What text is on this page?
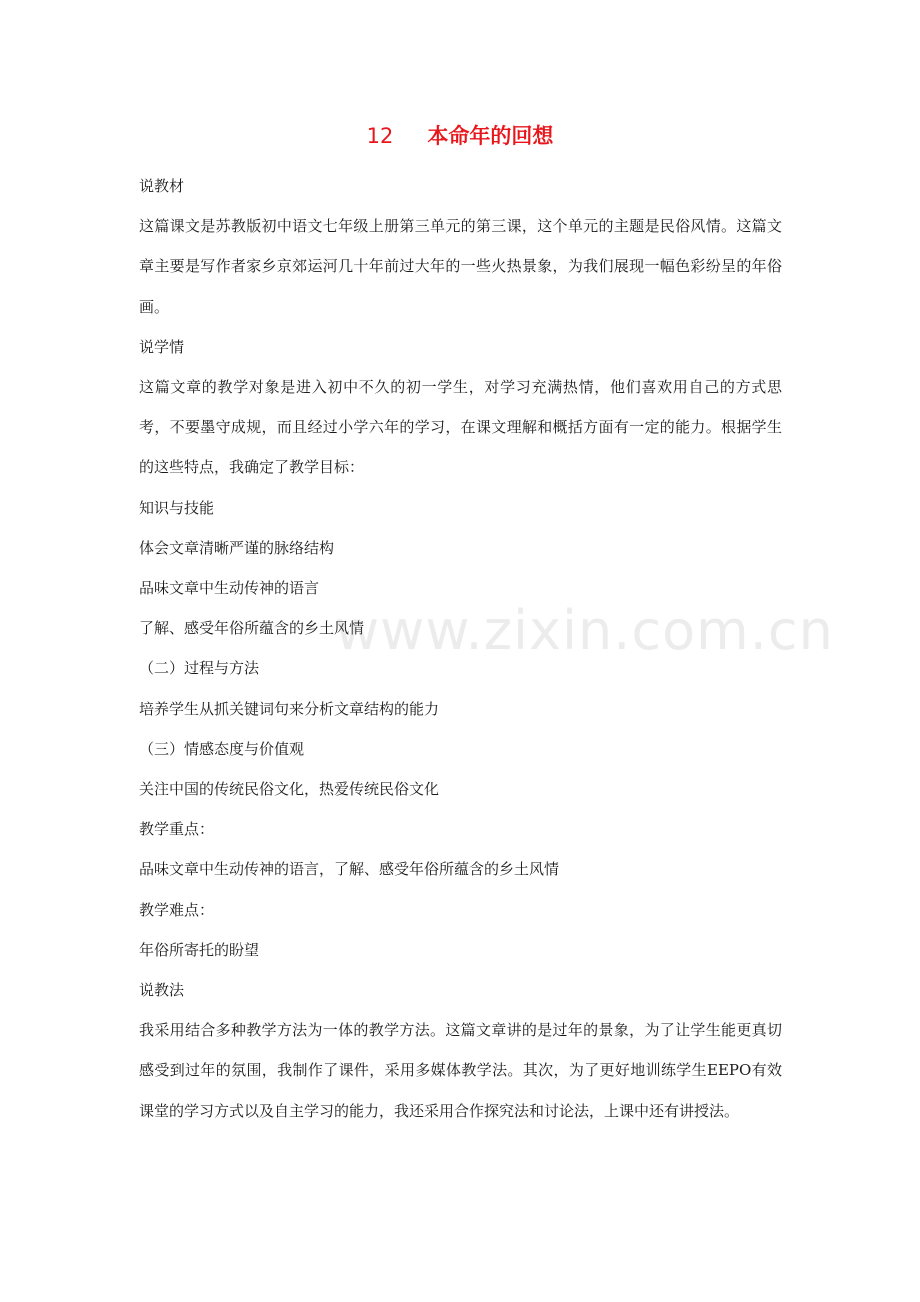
12 本命年的回想

说教材

这篇课文是苏教版初中语文七年级上册第三单元的第三课，这个单元的主题是民俗风情。这篇文章主要是写作者家乡京郊运河几十年前过大年的一些火热景象，为我们展现一幅色彩纷呈的年俗画。

说学情

这篇文章的教学对象是进入初中不久的初一学生，对学习充满热情，他们喜欢用自己的方式思考，不要墨守成规，而且经过小学六年的学习，在课文理解和概括方面有一定的能力。根据学生的这些特点，我确定了教学目标：

知识与技能

体会文章清晰严谨的脉络结构

品味文章中生动传神的语言

了解、感受年俗所蕴含的乡土风情

（二）过程与方法

培养学生从抓关键词句来分析文章结构的能力

（三）情感态度与价值观

关注中国的传统民俗文化，热爱传统民俗文化

教学重点：

品味文章中生动传神的语言，了解、感受年俗所蕴含的乡土风情

教学难点：

年俗所寄托的盼望

说教法

我采用结合多种教学方法为一体的教学方法。这篇文章讲的是过年的景象，为了让学生能更真切感受到过年的氛围，我制作了课件，采用多媒体教学法。其次，为了更好地训练学生EEPO有效课堂的学习方式以及自主学习的能力，我还采用合作探究法和讨论法，上课中还有讲授法。

www.zixin.com.cn
